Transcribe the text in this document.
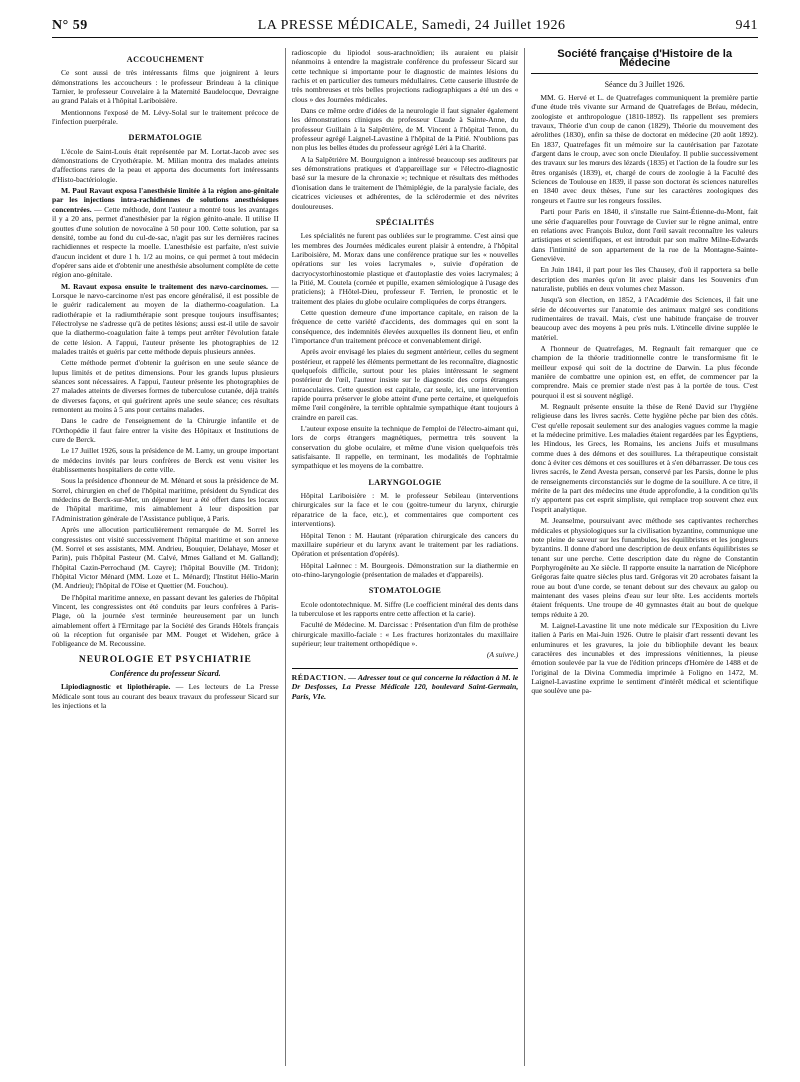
N° 59	LA PRESSE MÉDICALE, Samedi, 24 Juillet 1926	941
ACCOUCHEMENT

Ce sont aussi de très intéressants films que joignirent à leurs démonstrations les accoucheurs : le professeur Brindeau à la clinique Tarnier, le professeur Couvelaire à la Maternité Baudelocque, Devraigne au grand Palais et à l'hôpital Lariboisière.

Mentionnons l'exposé de M. Lévy-Solal sur le traitement précoce de l'infection puerpérale.

DERMATOLOGIE

L'école de Saint-Louis était représentée par M. Lortat-Jacob avec ses démonstrations de Cryothérapie. M. Milian montra des malades atteints d'affections rares de la peau et apporta des documents fort intéressants d'Histo-bactériologie.

M. Paul Ravaut exposa l'anesthésie limitée à la région ano-génitale par les injections intra-rachidiennes de solutions anesthésiques concentrées. — Cette méthode, dont l'auteur a montré tous les avantages il y a 20 ans, permet d'anesthésier par la région génito-anale. Il utilise II gouttes d'une solution de novocaïne à 50 pour 100. Cette solution, par sa densité, tombe au fond du cul-de-sac, n'agit pas sur les dernières racines rachidiennes et respecte la moelle. L'anesthésie est parfaite, n'est suivie d'aucun incident et dure 1 h. 1/2 au moins, ce qui permet à tout médecin d'opérer sans aide et d'obtenir une anesthésie absolument complète de cette région ano-génitale.

M. Ravaut exposa ensuite le traitement des nævo-carcinomes. — Lorsque le nævo-carcinome n'est pas encore généralisé, il est possible de le guérir radicalement au moyen de la diathermo-coagulation. La radiothérapie et la radiumthérapie sont presque toujours insuffisantes; l'électrolyse ne s'adresse qu'à de petites lésions; aussi est-il utile de savoir que la diathermo-coagulation faite à temps peut arrêter l'évolution fatale de cette lésion. A l'appui, l'auteur présente les photographies de 12 malades traités et guéris par cette méthode depuis plusieurs années.

Cette méthode permet d'obtenir la guérison en une seule séance de lupus limités et de petites dimensions. Pour les grands lupus plusieurs séances sont nécessaires. A l'appui, l'auteur présente les photographies de 27 malades atteints de diverses formes de tuberculose cutanée, déjà traités de diverses façons, et qui guérirent après une seule séance; ces résultats remontent au moins à 5 ans pour certains malades.

Dans le cadre de l'enseignement de la Chirurgie infantile et de l'Orthopédie il faut faire entrer la visite des Hôpitaux et Institutions de cure de Berck.

Le 17 Juillet 1926, sous la présidence de M. Lamy, un groupe important de médecins invités par leurs confrères de Berck est venu visiter les établissements hospitaliers de cette ville.

Sous la présidence d'honneur de M. Ménard et sous la présidence de M. Sorrel, chirurgien en chef de l'hôpital maritime, président du Syndicat des médecins de Berck-sur-Mer, un déjeuner leur a été offert dans les locaux de l'hôpital maritime, mis aimablement à leur disposition par l'Administration générale de l'Assistance publique, à Paris.

Après une allocution particulièrement remarquée de M. Sorrel les congressistes ont visité successivement l'hôpital maritime et son annexe (M. Sorrel et ses assistants, MM. Andrieu, Bouquier, Delahaye, Moser et Parin), puis l'hôpital Pasteur (M. Calvé, Mmes Galland et M. Galland); l'hôpital Cazin-Perrochaud (M. Cayre); l'hôpital Bouville (M. Tridon); l'hôpital Victor Ménard (MM. Loze et L. Ménard); l'Institut Hélio-Marin (M. Andrieu); l'hôpital de l'Oise et Quettier (M. Fouchou).

De l'hôpital maritime annexe, en passant devant les galeries de l'hôpital Vincent, les congressistes ont été conduits par leurs confrères à Paris-Plage, où la journée s'est terminée heureusement par un lunch aimablement offert à l'Ermitage par la Société des Grands Hôtels français où la réception fut organisée par MM. Pouget et Widehen, grâce à l'obligeance de M. Recoussine.

NEUROLOGIE ET PSYCHIATRIE
Conférence du professeur Sicard.

Lipiodiagnostic et lipiothérapie. — Les lecteurs de La Presse Médicale sont tous au courant des beaux travaux du professeur Sicard sur les injections et la

radioscopie du lipiodol sous-arachnoïdien; ils auraient eu plaisir néanmoins à entendre la magistrale conférence du professeur Sicard sur cette technique si importante pour le diagnostic de maintes lésions du rachis et en particulier des tumeurs médullaires. Cette causerie illustrée de très nombreuses et très belles projections radiographiques a été un des « clous » des Journées médicales.

Dans ce même ordre d'idées de la neurologie il faut signaler également les démonstrations cliniques du professeur Claude à Sainte-Anne, du professeur Guillain à la Salpêtrière, de M. Vincent à l'hôpital Tenon, du professeur agrégé Laignel-Lavastine à l'hôpital de la Pitié. N'oublions pas non plus les belles études du professeur agrégé Léri à la Charité.

A la Salpêtrière M. Bourguignon a intéressé beaucoup ses auditeurs par ses démonstrations pratiques et d'appareillage sur « l'électro-diagnostic basé sur la mesure de la chronaxie »; technique et résultats des méthodes d'ionisation dans le traitement de l'hémiplégie, de la paralysie faciale, des cicatrices vicieuses et adhérentes, de la sclérodermie et des névrites douloureuses.

SPÉCIALITÉS

Les spécialités ne furent pas oubliées sur le programme. C'est ainsi que les membres des Journées médicales eurent plaisir à entendre, à l'hôpital Lariboisière, M. Morax dans une conférence pratique sur les « nouvelles opérations sur les voies lacrymales », suivie d'opération de dacryocystorhinostomie plastique et d'autoplastie des voies lacrymales; à la Pitié, M. Coutela (cornée et pupille, examen sémiologique à l'usage des praticiens); à l'Hôtel-Dieu, professeur F. Terrien, le pronostic et le traitement des plaies du globe oculaire compliquées de corps étrangers.

Cette question demeure d'une importance capitale, en raison de la fréquence de cette variété d'accidents, des dommages qui en sont la conséquence, des indemnités élevées auxquelles ils donnent lieu, et enfin l'importance d'un traitement précoce et convenablement dirigé.

Après avoir envisagé les plaies du segment antérieur, celles du segment postérieur, et rappelé les éléments permettant de les reconnaître, diagnostic quelquefois difficile, surtout pour les plaies intéressant le segment postérieur de l'œil, l'auteur insiste sur le diagnostic des corps étrangers intraoculaires. Cette question est capitale, car seule, ici, une intervention rapide pourra préserver le globe atteint d'une perte certaine, et quelquefois même l'œil congénère, la terrible ophtalmie sympathique étant toujours à craindre en pareil cas.

L'auteur expose ensuite la technique de l'emploi de l'électro-aimant qui, lors de corps étrangers magnétiques, permettra très souvent la conservation du globe oculaire, et même d'une vision quelquefois très satisfaisante. Il rappelle, en terminant, les modalités de l'ophtalmie sympathique et les moyens de la combattre.

LARYNGOLOGIE

Hôpital Lariboisière : M. le professeur Sebileau (interventions chirurgicales sur la face et le cou (goitre-tumeur du larynx, chirurgie réparatrice de la face, etc.), et commentaires que comportent ces interventions).

Hôpital Tenon : M. Hautant (réparation chirurgicale des cancers du maxillaire supérieur et du larynx avant le traitement par les radiations. Opération et présentation d'opérés).

Hôpital Laënnec : M. Bourgeois. Démonstration sur la diathermie en oto-rhino-laryngologie (présentation de malades et d'appareils).

STOMATOLOGIE

Ecole odontotechnique. M. Siffre (Le coefficient minéral des dents dans la tuberculose et les rapports entre cette affection et la carie).

Faculté de Médecine. M. Darcissac : Présentation d'un film de prothèse chirurgicale maxillo-faciale : « Les fractures horizontales du maxillaire supérieur; leur traitement orthopédique ».

(A suivre.)

RÉDACTION. — Adresser tout ce qui concerne la rédaction à M. le Dr Desfosses, La Presse Médicale 120, boulevard Saint-Germain, Paris, VIe.
Société française d'Histoire de la Médecine
Séance du 3 Juillet 1926.

MM. G. Hervé et L. de Quatrefages communiquent la première partie d'une étude très vivante sur Armand de Quatrefages de Bréau, médecin, zoologiste et anthropologue (1810-1892). Ils rappellent ses premiers travaux, Théorie d'un coup de canon (1829), Théorie du mouvement des aérolithes (1830), enfin sa thèse de doctorat en médecine (20 août 1892). En 1837, Quatrefages fit un mémoire sur la cautérisation par l'azotate d'argent dans le croup, avec son oncle Dieulafoy. Il publie successivement des travaux sur les mœurs des lézards (1835) et l'action de la foudre sur les êtres organisés (1839), et, chargé de cours de zoologie à la Faculté des Sciences de Toulouse en 1839, il passe son doctorat ès sciences naturelles en 1840 avec deux thèses, l'une sur les caractères zoologiques des rongeurs et l'autre sur les rongeurs fossiles.

Parti pour Paris en 1840, il s'installe rue Saint-Étienne-du-Mont, fait une série d'aquarelles pour l'ouvrage de Cuvier sur le règne animal, entre en relations avec François Buloz, dont l'œil savait reconnaître les valeurs artistiques et scientifiques, et est introduit par son maître Milne-Edwards dans l'intimité de son appartement de la rue de la Montagne-Sainte-Geneviève.

En Juin 1841, il part pour les îles Chausey, d'où il rapportera sa belle description des marées qu'on lit avec plaisir dans les Souvenirs d'un naturaliste, publiés en deux volumes chez Masson.

Jusqu'à son élection, en 1852, à l'Académie des Sciences, il fait une série de découvertes sur l'anatomie des animaux malgré ses conditions rudimentaires de travail. Mais, c'est une habitude française de trouver beaucoup avec des moyens à peu près nuls. L'étincelle divine supplée le matériel.

A l'honneur de Quatrefages, M. Regnault fait remarquer que ce champion de la théorie traditionnelle contre le transformisme fit le meilleur exposé qui soit de la doctrine de Darwin. La plus féconde manière de combattre une opinion est, en effet, de commencer par la comprendre. Mais ce premier stade n'est pas à la portée de tous. C'est pourquoi il est si souvent négligé.

M. Regnault présente ensuite la thèse de René David sur l'hygiène religieuse dans les livres sacrés. Cette hygiène pèche par bien des côtés. C'est qu'elle reposait seulement sur des analogies vagues comme la magie et la médecine primitive. Les maladies étaient regardées par les Égyptiens, les Hindous, les Grecs, les Romains, les anciens Juifs et musulmans comme dues à des démons et des souillures. La thérapeutique consistait donc à éviter ces démons et ces souillures et à s'en débarrasser. De tous ces livres sacrés, le Zend Avesta persan, conservé par les Parsis, donne le plus de renseignements circonstanciés sur le dogme de la souillure. A ce titre, il mérite de la part des médecins une étude approfondie, à la condition qu'ils n'y apportent pas cet esprit simpliste, qui remplace trop souvent chez eux l'esprit analytique.

M. Jeanselme, poursuivant avec méthode ses captivantes recherches médicales et physiologiques sur la civilisation byzantine, communique une note pleine de saveur sur les funambules, les équilibristes et les jongleurs byzantins. Il donne d'abord une description de deux enfants équilibristes se tenant sur une perche. Cette description date du règne de Constantin Porphyrogénète au Xe siècle. Il rapporte ensuite la narration de Nicéphore Grégoras faite quatre siècles plus tard. Grégoras vit 20 acrobates faisant la roue au bout d'une corde, se tenant debout sur des chevaux au galop ou maintenant des vases pleins d'eau sur leur tête. Les accidents mortels étaient fréquents. Une troupe de 40 gymnastes était au bout de quelque temps réduite à 20.

M. Laignel-Lavastine lit une note médicale sur l'Exposition du Livre italien à Paris en Mai-Juin 1926. Outre le plaisir d'art ressenti devant les enluminures et les gravures, la joie du bibliophile devant les beaux caractères des incunables et des impressions vénitiennes, la pieuse émotion soulevée par la vue de l'édition princeps d'Homère de 1488 et de l'original de la Divina Commedia imprimée à Foligno en 1472, M. Laignel-Lavastine exprime le sentiment d'intérêt médical et scientifique que soulève une pa-
